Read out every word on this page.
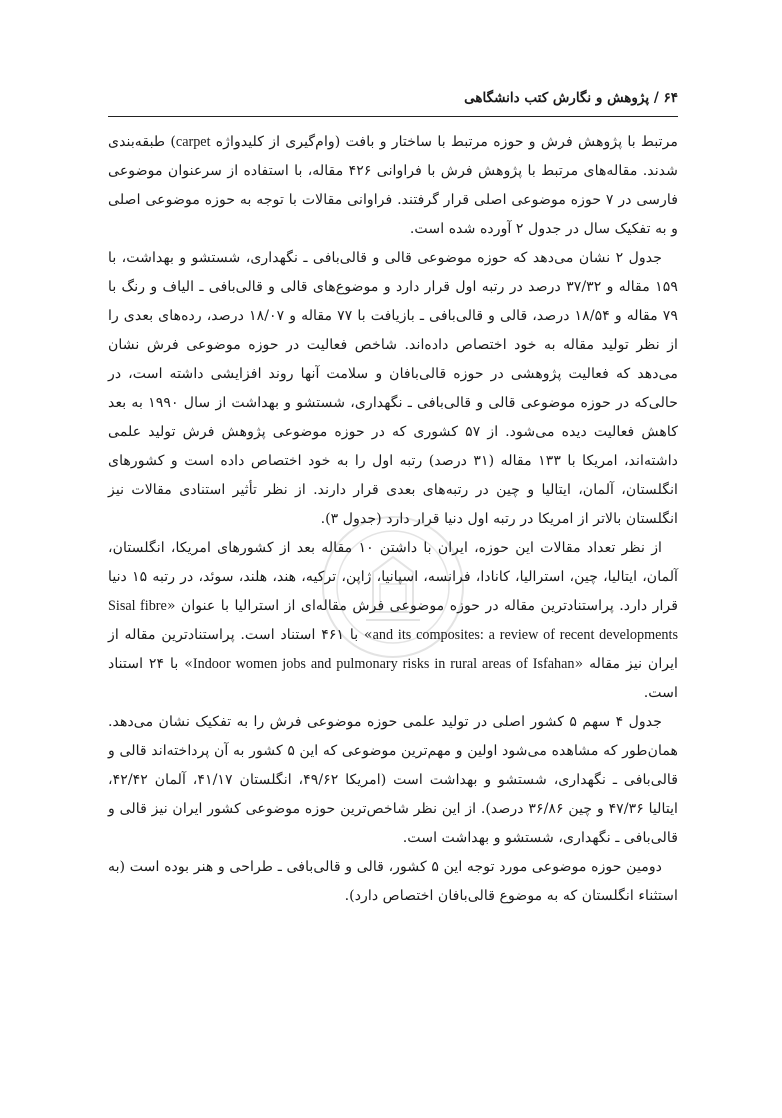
۶۴ / پژوهش و نگارش کتب دانشگاهی

مرتبط با پژوهش فرش و حوزه مرتبط با ساختار و بافت (وام‌گیری از کلیدواژه carpet) طبقه‌بندی شدند. مقاله‌های مرتبط با پژوهش فرش با فراوانی ۴۲۶ مقاله، با استفاده از سرعنوان موضوعی فارسی در ۷ حوزه موضوعی اصلی قرار گرفتند. فراوانی مقالات با توجه به حوزه موضوعی اصلی و به تفکیک سال در جدول ۲ آورده شده است.

جدول ۲ نشان می‌دهد که حوزه موضوعی قالی و قالی‌بافی ـ نگهداری، شستشو و بهداشت، با ۱۵۹ مقاله و ۳۷/۳۲ درصد در رتبه اول قرار دارد و موضوع‌های قالی و قالی‌بافی ـ الیاف و رنگ با ۷۹ مقاله و ۱۸/۵۴ درصد، قالی و قالی‌بافی ـ بازیافت با ۷۷ مقاله و ۱۸/۰۷ درصد، رده‌های بعدی را از نظر تولید مقاله به خود اختصاص داده‌اند. شاخص فعالیت در حوزه موضوعی فرش نشان می‌دهد که فعالیت پژوهشی در حوزه قالی‌بافان و سلامت آنها روند افزایشی داشته است، در حالی‌که در حوزه موضوعی قالی و قالی‌بافی ـ نگهداری، شستشو و بهداشت از سال ۱۹۹۰ به بعد کاهش فعالیت دیده می‌شود. از ۵۷ کشوری که در حوزه موضوعی پژوهش فرش تولید علمی داشته‌اند، امریکا با ۱۳۳ مقاله (۳۱ درصد) رتبه اول را به خود اختصاص داده است و کشورهای انگلستان، آلمان، ایتالیا و چین در رتبه‌های بعدی قرار دارند. از نظر تأثیر استنادی مقالات نیز انگلستان بالاتر از امریکا در رتبه اول دنیا قرار دارد (جدول ۳).

از نظر تعداد مقالات این حوزه، ایران با داشتن ۱۰ مقاله بعد از کشورهای امریکا، انگلستان، آلمان، ایتالیا، چین، استرالیا، کانادا، فرانسه، اسپانیا، ژاپن، ترکیه، هند، هلند، سوئد، در رتبه ۱۵ دنیا قرار دارد. پراستنادترین مقاله در حوزه موضوعی فرش مقاله‌ای از استرالیا با عنوان «Sisal fibre and its composites: a review of recent developments» با ۴۶۱ استناد است. پراستنادترین مقاله از ایران نیز مقاله «Indoor women jobs and pulmonary risks in rural areas of Isfahan» با ۲۴ استناد است.

جدول ۴ سهم ۵ کشور اصلی در تولید علمی حوزه موضوعی فرش را به تفکیک نشان می‌دهد. همان‌طور که مشاهده می‌شود اولین و مهم‌ترین موضوعی که این ۵ کشور به آن پرداخته‌اند قالی و قالی‌بافی ـ نگهداری، شستشو و بهداشت است (امریکا ۴۹/۶۲، انگلستان ۴۱/۱۷، آلمان ۴۲/۴۲، ایتالیا ۴۷/۳۶ و چین ۳۶/۸۶ درصد). از این نظر شاخص‌ترین حوزه موضوعی کشور ایران نیز قالی و قالی‌بافی ـ نگهداری، شستشو و بهداشت است.

دومین حوزه موضوعی مورد توجه این ۵ کشور، قالی و قالی‌بافی ـ طراحی و هنر بوده است (به استثناء انگلستان که به موضوع قالی‌بافان اختصاص دارد).
